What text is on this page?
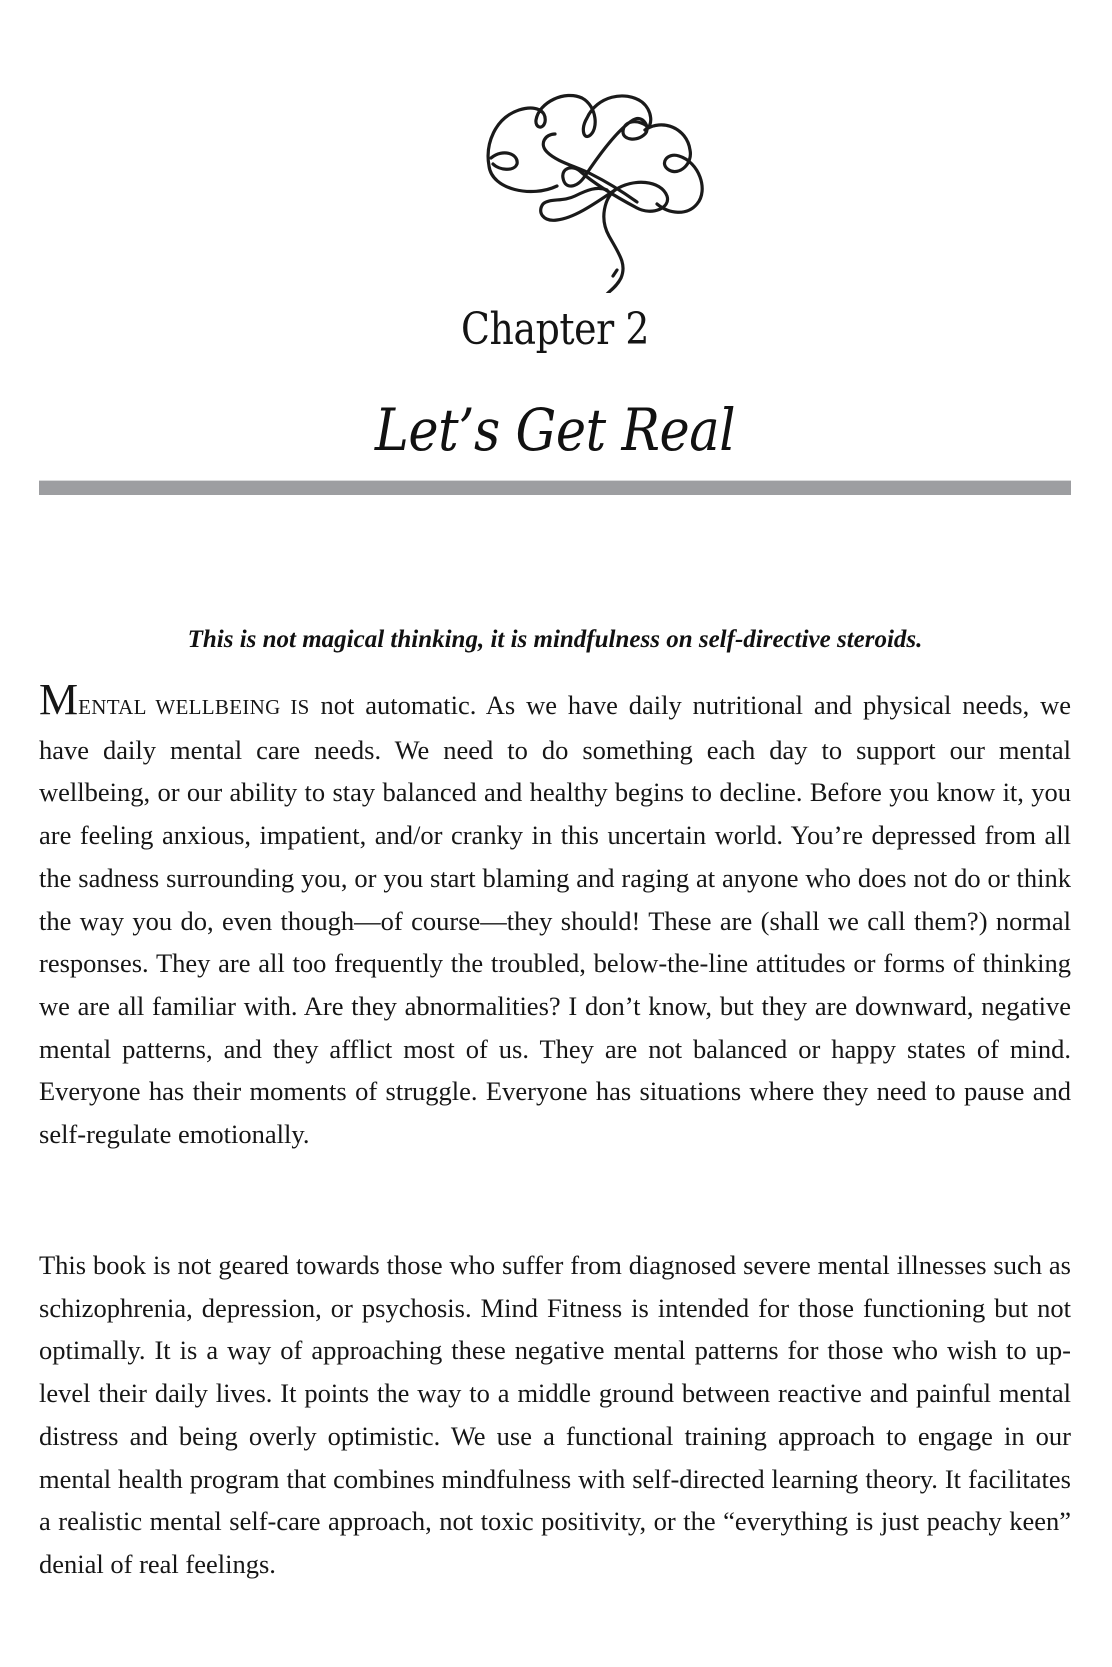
Chapter 2
Let’s Get Real
This is not magical thinking, it is mindfulness on self-directive steroids.

MENTAL WELLBEING IS not automatic. As we have daily nutritional and physical needs, we have daily mental care needs. We need to do something each day to support our mental wellbeing, or our ability to stay balanced and healthy begins to decline. Before you know it, you are feeling anxious, impatient, and/or cranky in this uncertain world. You’re depressed from all the sadness surrounding you, or you start blaming and raging at anyone who does not do or think the way you do, even though—of course—they should! These are (shall we call them?) normal responses. They are all too frequently the troubled, below-the-line attitudes or forms of thinking we are all familiar with. Are they abnormalities? I don’t know, but they are downward, negative mental patterns, and they afflict most of us. They are not balanced or happy states of mind. Everyone has their moments of struggle. Everyone has situations where they need to pause and self-regulate emotionally.

This book is not geared towards those who suffer from diagnosed severe mental illnesses such as schizophrenia, depression, or psychosis. Mind Fitness is intended for those functioning but not optimally. It is a way of approaching these negative mental patterns for those who wish to up-level their daily lives. It points the way to a middle ground between reactive and painful mental distress and being overly optimistic. We use a functional training approach to engage in our mental health program that combines mindfulness with self-directed learning theory. It facilitates a realistic mental self-care approach, not toxic positivity, or the “everything is just peachy keen” denial of real feelings.
